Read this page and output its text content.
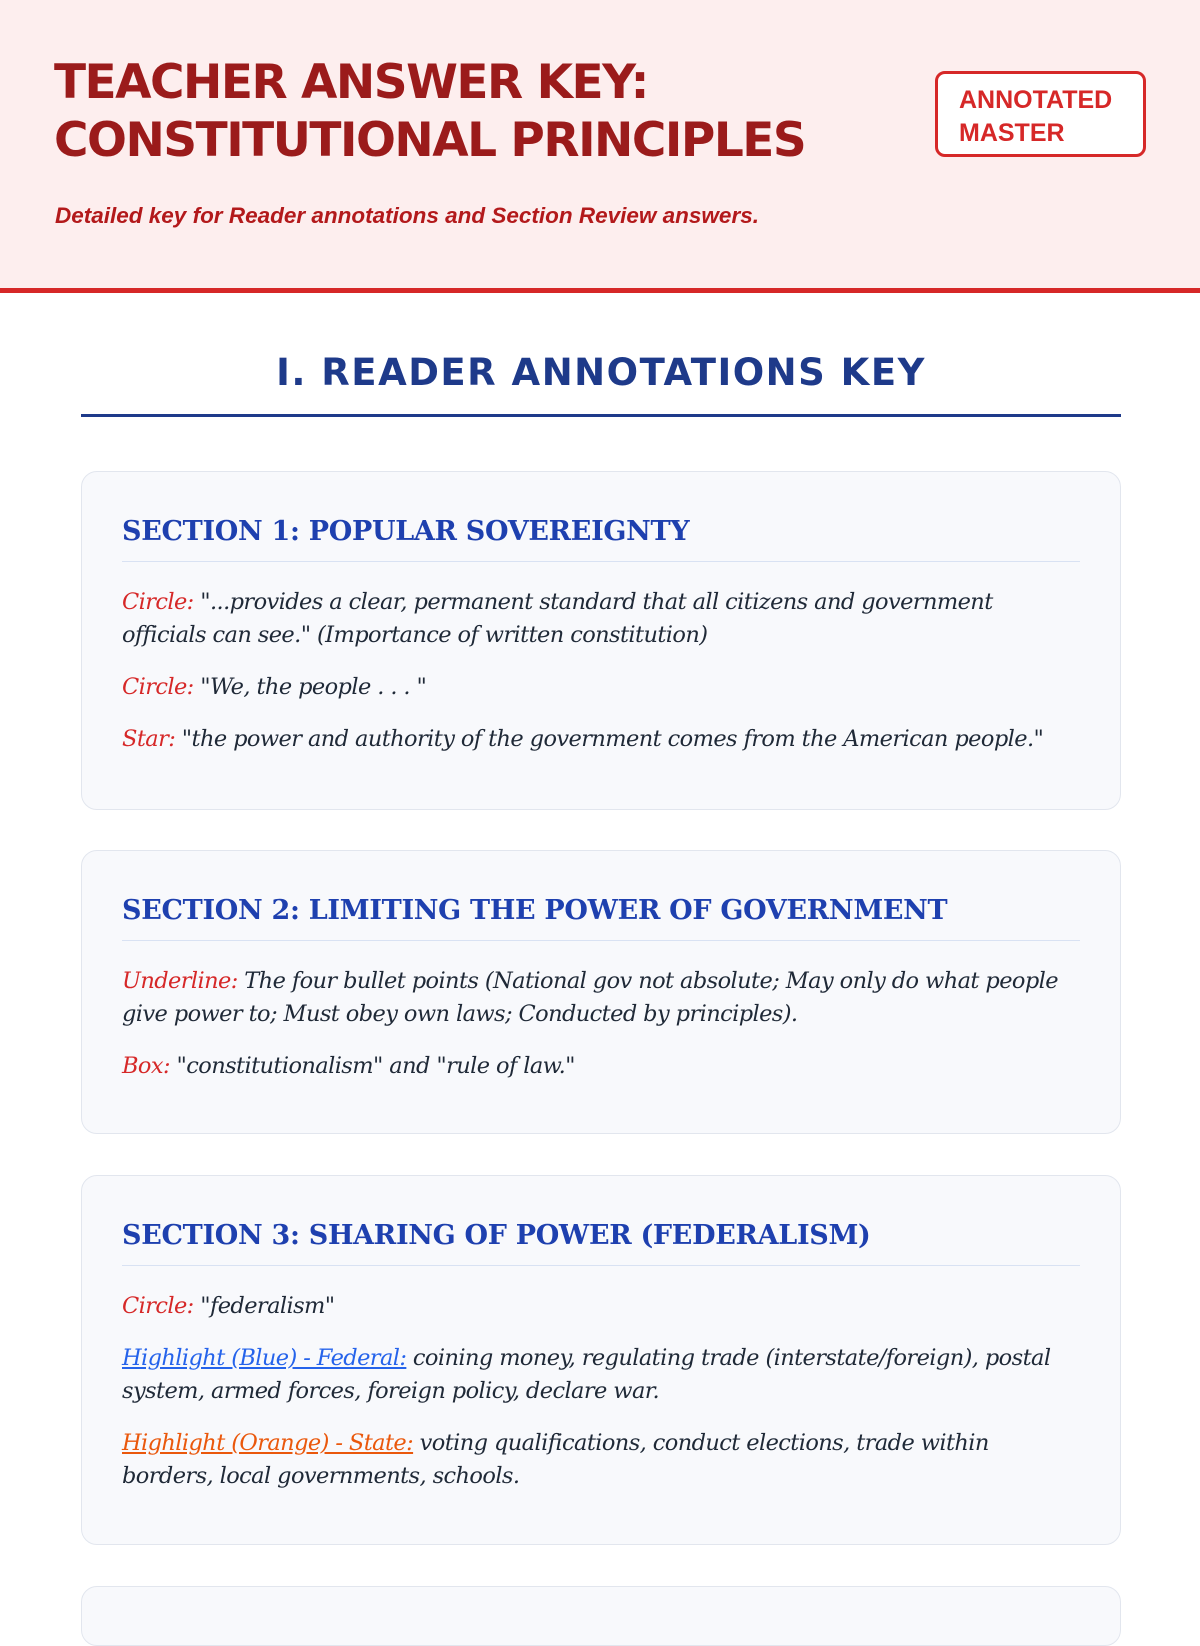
TEACHER ANSWER KEY:
CONSTITUTIONAL PRINCIPLES
ANNOTATED
MASTER
Detailed key for Reader annotations and Section Review answers.
I. READER ANNOTATIONS KEY
SECTION 1: POPULAR SOVEREIGNTY

Circle: "...provides a clear, permanent standard that all citizens and government officials can see." (Importance of written constitution)

Circle: "We, the people . . . "

Star: "the power and authority of the government comes from the American people."

SECTION 2: LIMITING THE POWER OF GOVERNMENT

Underline: The four bullet points (National gov not absolute; May only do what people give power to; Must obey own laws; Conducted by principles).

Box: "constitutionalism" and "rule of law."

SECTION 3: SHARING OF POWER (FEDERALISM)

Circle: "federalism"

Highlight (Blue) - Federal: coining money, regulating trade (interstate/foreign), postal system, armed forces, foreign policy, declare war.

Highlight (Orange) - State: voting qualifications, conduct elections, trade within borders, local governments, schools.
